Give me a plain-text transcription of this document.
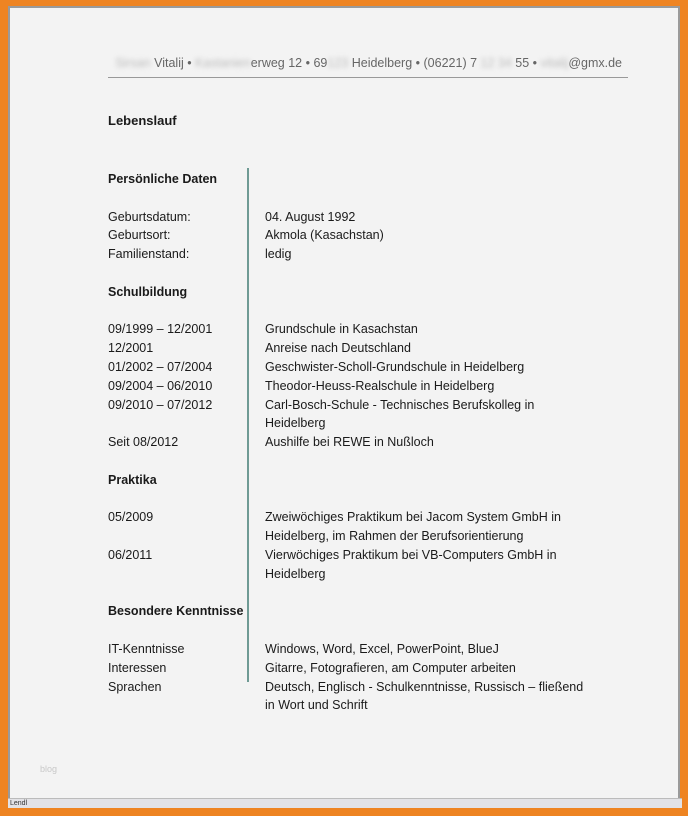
Sirsan Vitalij • Kastanienerweg 12 • 69123 Heidelberg • (06221) 7 12 34 55 • vitalij@gmx.de
Lebenslauf
Persönliche Daten
Geburtsdatum:	04. August 1992
Geburtsort:	Akmola (Kasachstan)
Familienstand:	ledig
Schulbildung
09/1999 – 12/2001	Grundschule in Kasachstan
12/2001	Anreise nach Deutschland
01/2002 – 07/2004	Geschwister-Scholl-Grundschule in Heidelberg
09/2004 – 06/2010	Theodor-Heuss-Realschule in Heidelberg
09/2010 – 07/2012	Carl-Bosch-Schule - Technisches Berufskolleg in Heidelberg
Seit 08/2012	Aushilfe bei REWE in Nußloch
Praktika
05/2009	Zweiwöchiges Praktikum bei Jacom System GmbH in Heidelberg, im Rahmen der Berufsorientierung
06/2011	Vierwöchiges Praktikum bei VB-Computers GmbH in Heidelberg
Besondere Kenntnisse
IT-Kenntnisse	Windows, Word, Excel, PowerPoint, BlueJ
Interessen	Gitarre, Fotografieren, am Computer arbeiten
Sprachen	Deutsch, Englisch - Schulkenntnisse, Russisch – fließend in Wort und Schrift
blog
Lendl
